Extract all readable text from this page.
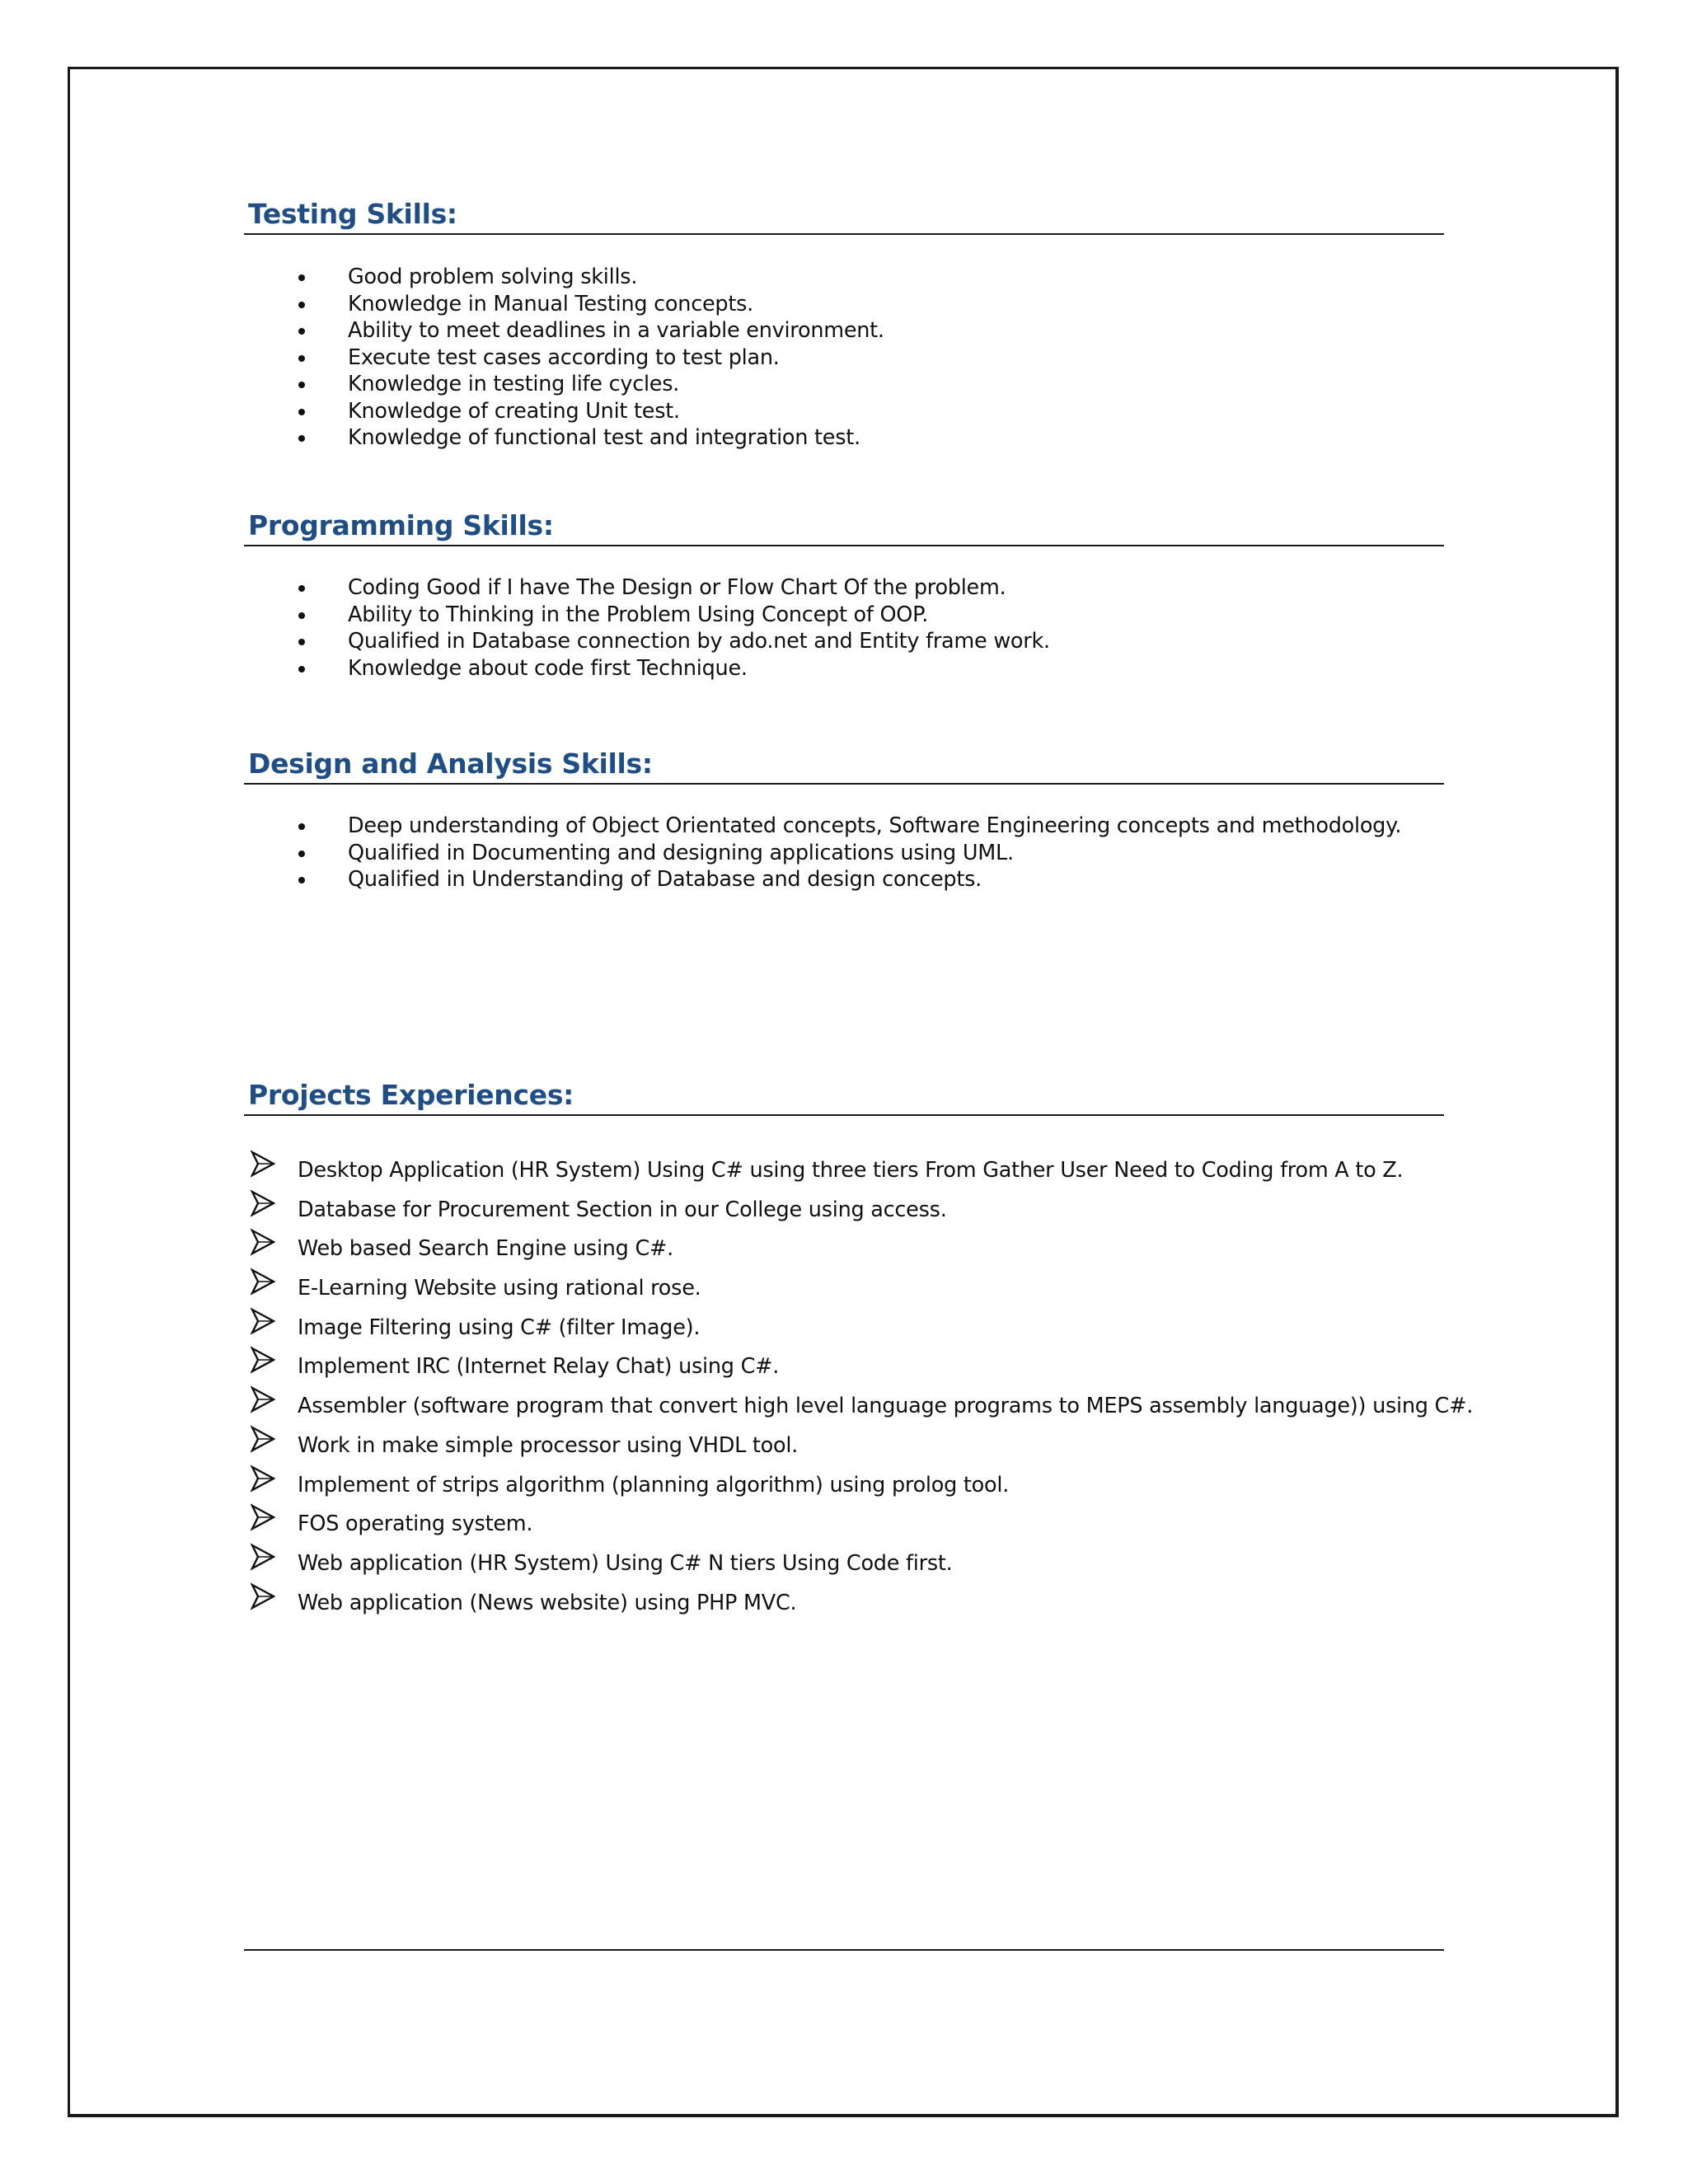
Testing Skills:
Good problem solving skills.
Knowledge in Manual Testing concepts.
Ability to meet deadlines in a variable environment.
Execute test cases according to test plan.
Knowledge in testing life cycles.
Knowledge of creating Unit test.
Knowledge of functional test and integration test.
Programming Skills:
Coding Good if I have The Design or Flow Chart Of the problem.
Ability to Thinking in the Problem Using Concept of OOP.
Qualified in Database connection by ado.net and Entity frame work.
Knowledge about code first Technique.
Design and Analysis Skills:
Deep understanding of Object Orientated concepts, Software Engineering concepts and methodology.
Qualified in Documenting and designing applications using UML.
Qualified in Understanding of Database and design concepts.
Projects Experiences:
Desktop Application (HR System) Using C# using three tiers From Gather User Need to Coding from A to Z.
Database for Procurement Section in our College using access.
Web based Search Engine using C#.
E-Learning Website using rational rose.
Image Filtering using C# (filter Image).
Implement IRC (Internet Relay Chat) using C#.
Assembler (software program that convert high level language programs to MEPS assembly language)) using C#.
Work in make simple processor using VHDL tool.
Implement of strips algorithm (planning algorithm) using prolog tool.
FOS operating system.
Web application (HR System) Using C# N tiers Using Code first.
Web application (News website) using PHP MVC.
